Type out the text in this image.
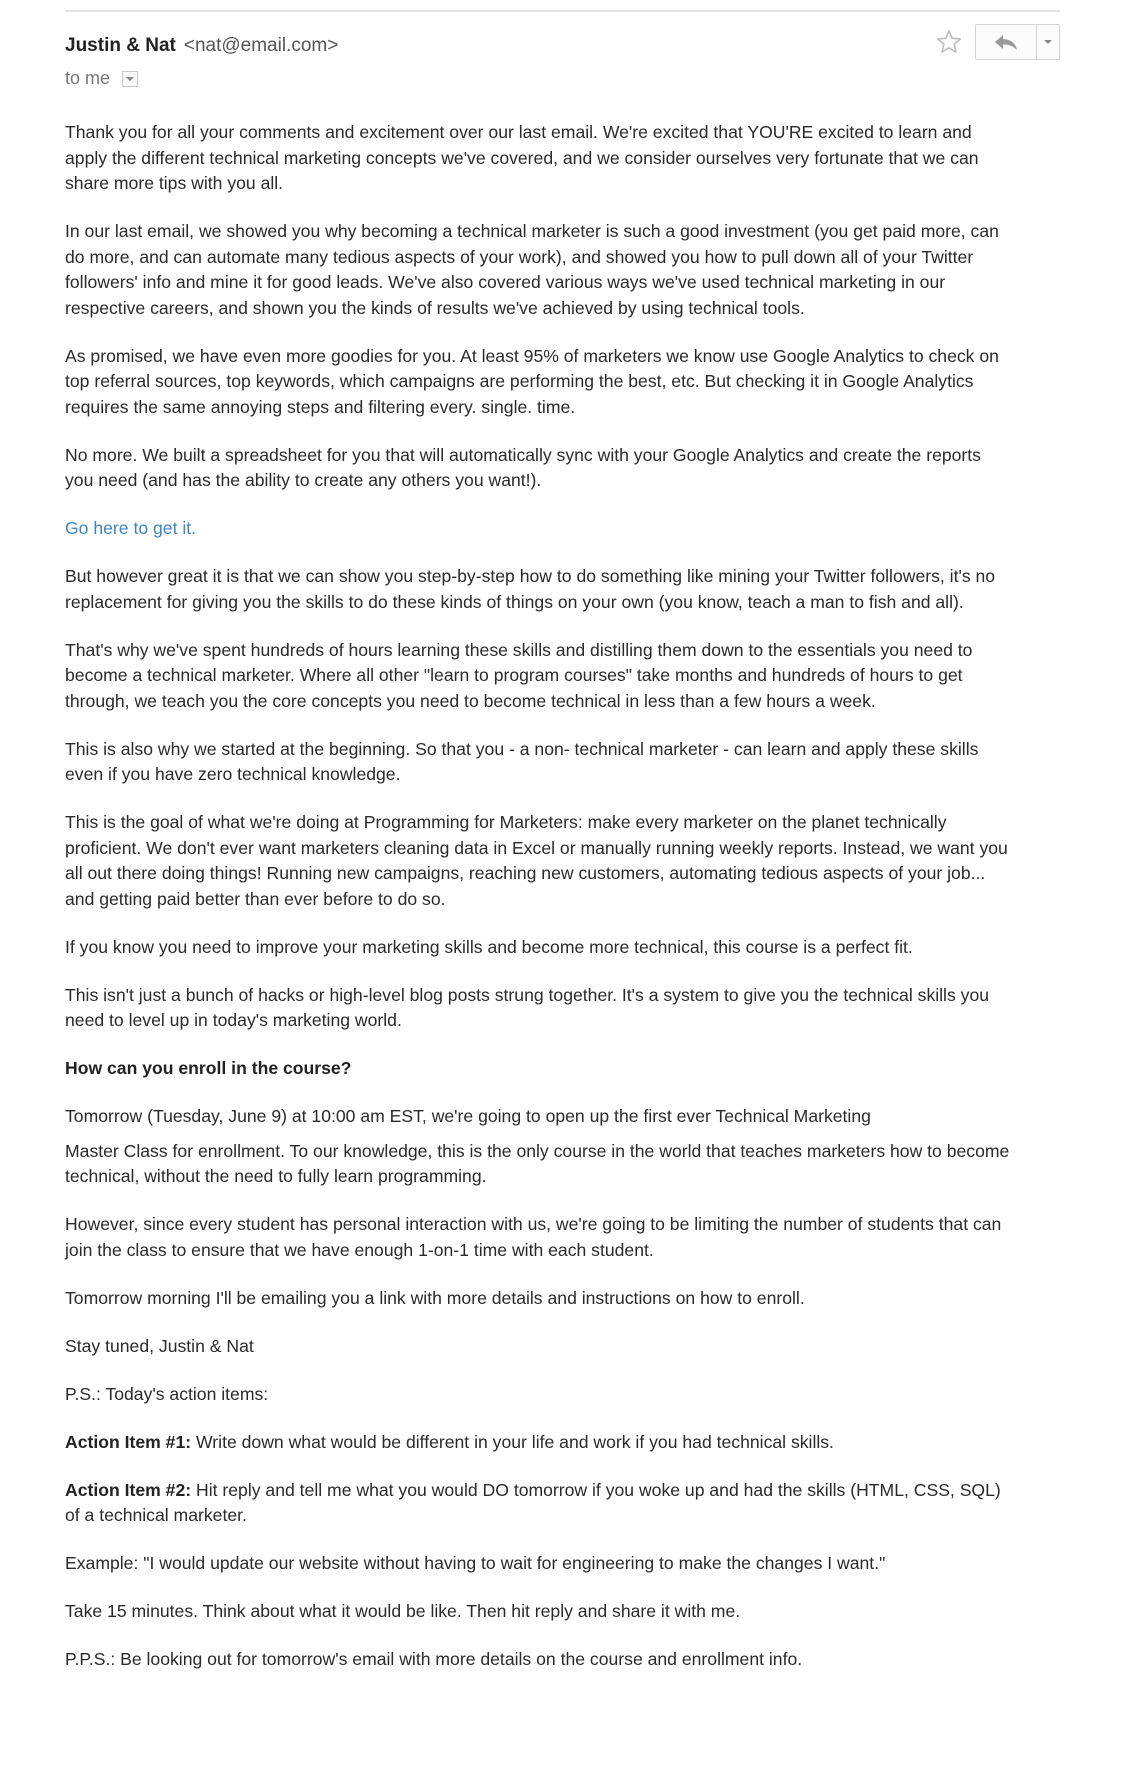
Justin & Nat <nat@email.com>
to me

Thank you for all your comments and excitement over our last email. We're excited that YOU'RE excited to learn and apply the different technical marketing concepts we've covered, and we consider ourselves very fortunate that we can share more tips with you all.

In our last email, we showed you why becoming a technical marketer is such a good investment (you get paid more, can do more, and can automate many tedious aspects of your work), and showed you how to pull down all of your Twitter followers' info and mine it for good leads. We've also covered various ways we've used technical marketing in our respective careers, and shown you the kinds of results we've achieved by using technical tools.

As promised, we have even more goodies for you. At least 95% of marketers we know use Google Analytics to check on top referral sources, top keywords, which campaigns are performing the best, etc. But checking it in Google Analytics requires the same annoying steps and filtering every. single. time.

No more. We built a spreadsheet for you that will automatically sync with your Google Analytics and create the reports you need (and has the ability to create any others you want!).

Go here to get it.

But however great it is that we can show you step-by-step how to do something like mining your Twitter followers, it's no replacement for giving you the skills to do these kinds of things on your own (you know, teach a man to fish and all).

That's why we've spent hundreds of hours learning these skills and distilling them down to the essentials you need to become a technical marketer. Where all other "learn to program courses" take months and hundreds of hours to get through, we teach you the core concepts you need to become technical in less than a few hours a week.

This is also why we started at the beginning. So that you - a non- technical marketer - can learn and apply these skills even if you have zero technical knowledge.

This is the goal of what we're doing at Programming for Marketers: make every marketer on the planet technically proficient. We don't ever want marketers cleaning data in Excel or manually running weekly reports. Instead, we want you all out there doing things! Running new campaigns, reaching new customers, automating tedious aspects of your job... and getting paid better than ever before to do so.

If you know you need to improve your marketing skills and become more technical, this course is a perfect fit.

This isn't just a bunch of hacks or high-level blog posts strung together. It's a system to give you the technical skills you need to level up in today's marketing world.

How can you enroll in the course?

Tomorrow (Tuesday, June 9) at 10:00 am EST, we're going to open up the first ever Technical Marketing

Master Class for enrollment. To our knowledge, this is the only course in the world that teaches marketers how to become technical, without the need to fully learn programming.

However, since every student has personal interaction with us, we're going to be limiting the number of students that can join the class to ensure that we have enough 1-on-1 time with each student.

Tomorrow morning I'll be emailing you a link with more details and instructions on how to enroll.

Stay tuned, Justin & Nat

P.S.: Today's action items:

Action Item #1: Write down what would be different in your life and work if you had technical skills.

Action Item #2: Hit reply and tell me what you would DO tomorrow if you woke up and had the skills (HTML, CSS, SQL) of a technical marketer.

Example: "I would update our website without having to wait for engineering to make the changes I want."

Take 15 minutes. Think about what it would be like. Then hit reply and share it with me.

P.P.S.: Be looking out for tomorrow's email with more details on the course and enrollment info.
